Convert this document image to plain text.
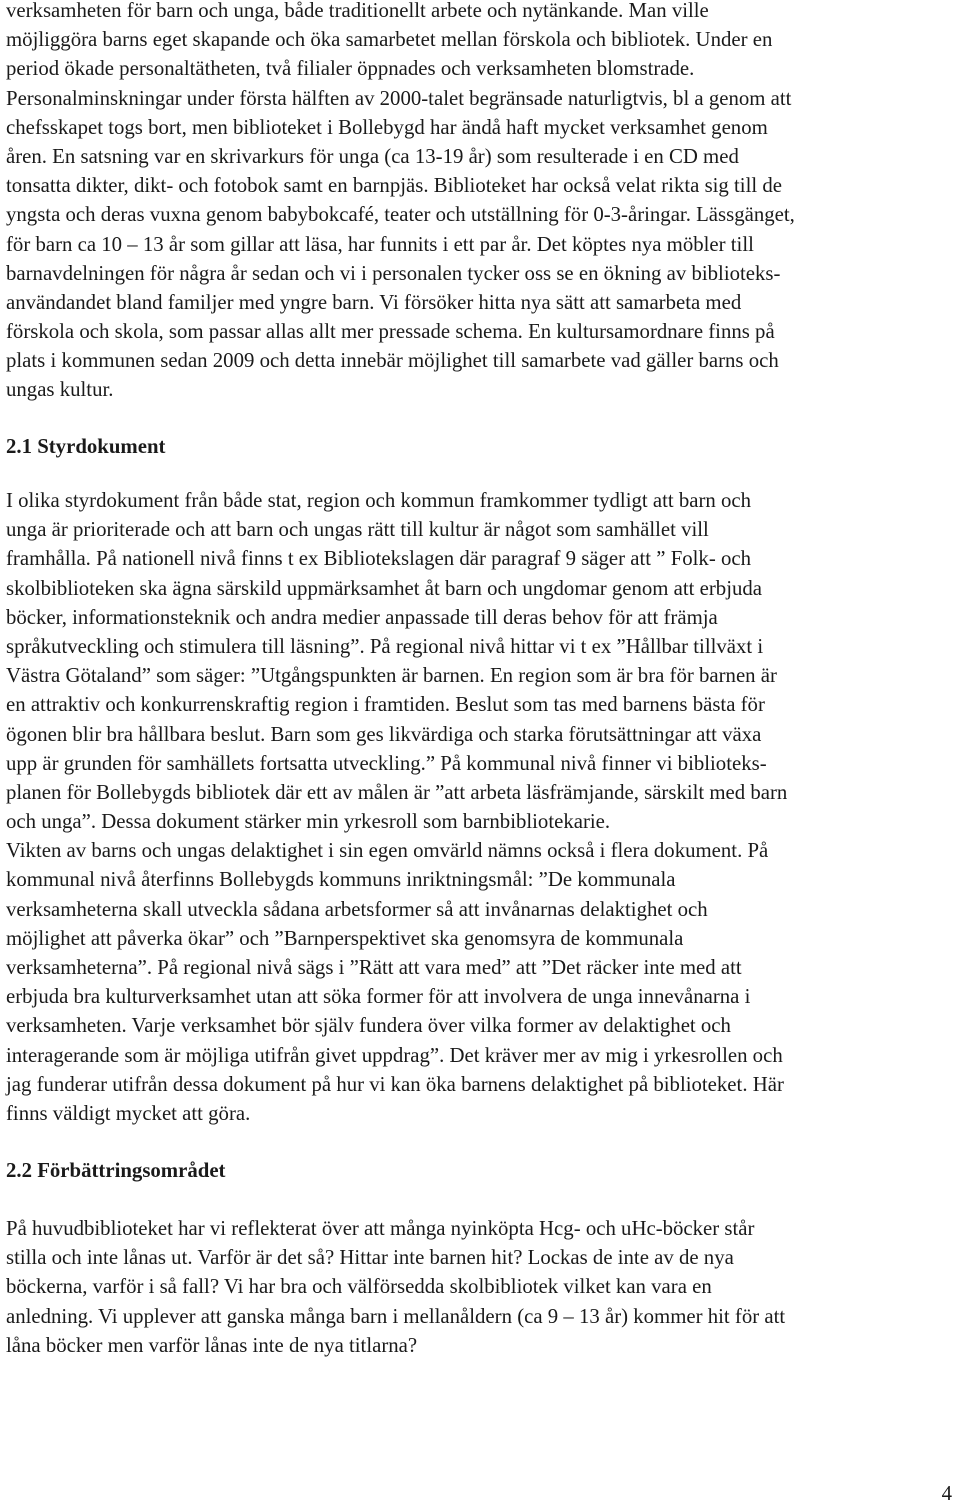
verksamheten för barn och unga, både traditionellt arbete och nytänkande. Man ville
möjliggöra barns eget skapande och öka samarbetet mellan förskola och bibliotek. Under en
period ökade personaltätheten, två filialer öppnades och verksamheten blomstrade.
Personalminskningar under första hälften av 2000-talet begränsade naturligtvis, bl a genom att
chefsskapet togs bort, men biblioteket i Bollebygd har ändå haft mycket verksamhet genom
åren. En satsning var en skrivarkurs för unga (ca 13-19 år) som resulterade i en CD med
tonsatta dikter, dikt- och fotobok samt en barnpjäs. Biblioteket har också velat rikta sig till de
yngsta och deras vuxna genom babybokcafé, teater och utställning för 0-3-åringar. Lässgänget,
för barn ca 10 – 13 år som gillar att läsa, har funnits i ett par år. Det köptes nya möbler till
barnavdelningen för några år sedan och vi i personalen tycker oss se en ökning av biblioteks-
användandet bland familjer med yngre barn. Vi försöker hitta nya sätt att samarbeta med
förskola och skola, som passar allas allt mer pressade schema. En kultursamordnare finns på
plats i kommunen sedan 2009 och detta innebär möjlighet till samarbete vad gäller barns och
ungas kultur.
2.1 Styrdokument
I olika styrdokument från både stat, region och kommun framkommer tydligt att barn och
unga är prioriterade och att barn och ungas rätt till kultur är något som samhället vill
framhålla. På nationell nivå finns t ex Bibliotekslagen där paragraf 9 säger att ” Folk- och
skolbiblioteken ska ägna särskild uppmärksamhet åt barn och ungdomar genom att erbjuda
böcker, informationsteknik och andra medier anpassade till deras behov för att främja
språkutveckling och stimulera till läsning”. På regional nivå hittar vi t ex ”Hållbar tillväxt i
Västra Götaland” som säger: ”Utgångspunkten är barnen. En region som är bra för barnen är
en attraktiv och konkurrenskraftig region i framtiden. Beslut som tas med barnens bästa för
ögonen blir bra hållbara beslut. Barn som ges likvärdiga och starka förutsättningar att växa
upp är grunden för samhällets fortsatta utveckling.” På kommunal nivå finner vi biblioteks-
planen för Bollebygds bibliotek där ett av målen är ”att arbeta läsfrämjande, särskilt med barn
och unga”. Dessa dokument stärker min yrkesroll som barnbibliotekarie.
Vikten av barns och ungas delaktighet i sin egen omvärld nämns också i flera dokument. På
kommunal nivå återfinns Bollebygds kommuns inriktningsmål: ”De kommunala
verksamheterna skall utveckla sådana arbetsformer så att invånarnas delaktighet och
möjlighet att påverka ökar” och ”Barnperspektivet ska genomsyra de kommunala
verksamheterna”. På regional nivå sägs i ”Rätt att vara med” att ”Det räcker inte med att
erbjuda bra kulturverksamhet utan att söka former för att involvera de unga innevånarna i
verksamheten. Varje verksamhet bör själv fundera över vilka former av delaktighet och
interagerande som är möjliga utifrån givet uppdrag”. Det kräver mer av mig i yrkesrollen och
jag funderar utifrån dessa dokument på hur vi kan öka barnens delaktighet på biblioteket. Här
finns väldigt mycket att göra.
2.2 Förbättringsområdet
På huvudbiblioteket har vi reflekterat över att många nyinköpta Hcg- och uHc-böcker står
stilla och inte lånas ut. Varför är det så? Hittar inte barnen hit? Lockas de inte av de nya
böckerna, varför i så fall? Vi har bra och välförsedda skolbibliotek vilket kan vara en
anledning. Vi upplever att ganska många barn i mellanåldern (ca 9 – 13 år) kommer hit för att
låna böcker men varför lånas inte de nya titlarna?
4
